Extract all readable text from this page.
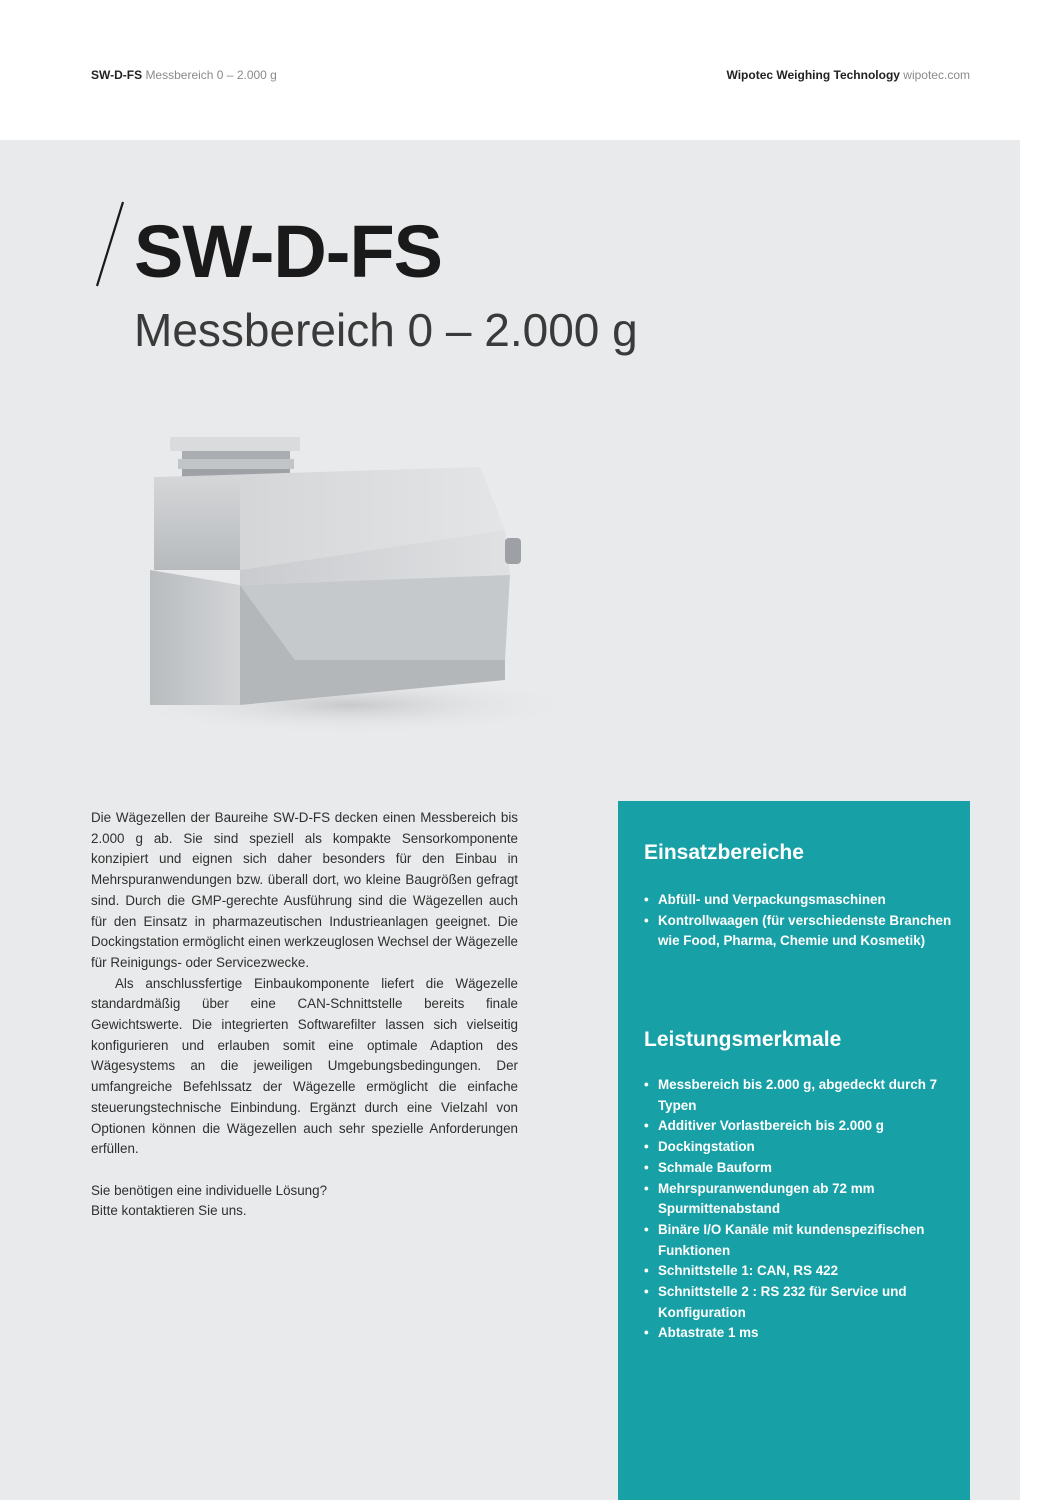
SW-D-FS Messbereich 0 – 2.000 g	Wipotec Weighing Technology wipotec.com
SW-D-FS
Messbereich 0 – 2.000 g

Die Wägezellen der Baureihe SW-D-FS decken einen Messbereich bis 2.000 g ab. Sie sind speziell als kompakte Sensorkomponente konzipiert und eignen sich daher besonders für den Einbau in Mehrspuranwendungen bzw. überall dort, wo kleine Baugrößen gefragt sind. Durch die GMP-gerechte Ausführung sind die Wägezellen auch für den Einsatz in pharmazeutischen Industrieanlagen geeignet. Die Dockingstation ermöglicht einen werkzeuglosen Wechsel der Wägezelle für Reinigungs- oder Servicezwecke.

Als anschlussfertige Einbaukomponente liefert die Wägezelle standardmäßig über eine CAN-Schnittstelle bereits finale Gewichtswerte. Die integrierten Softwarefilter lassen sich vielseitig konfigurieren und erlauben somit eine optimale Adaption des Wägesystems an die jeweiligen Umgebungsbedingungen. Der umfangreiche Befehlssatz der Wägezelle ermöglicht die einfache steuerungstechnische Einbindung. Ergänzt durch eine Vielzahl von Optionen können die Wägezellen auch sehr spezielle Anforderungen erfüllen.

Sie benötigen eine individuelle Lösung?
Bitte kontaktieren Sie uns.

Einsatzbereiche
• Abfüll- und Verpackungsmaschinen
• Kontrollwaagen (für verschiedenste Branchen wie Food, Pharma, Chemie und Kosmetik)
Leistungsmerkmale
• Messbereich bis 2.000 g, abgedeckt durch 7 Typen
• Additiver Vorlastbereich bis 2.000 g
• Dockingstation
• Schmale Bauform
• Mehrspuranwendungen ab 72 mm Spurmittenabstand
• Binäre I/O Kanäle mit kundenspezifischen Funktionen
• Schnittstelle 1: CAN, RS 422
• Schnittstelle 2 : RS 232 für Service und Konfiguration
• Abtastrate 1 ms
